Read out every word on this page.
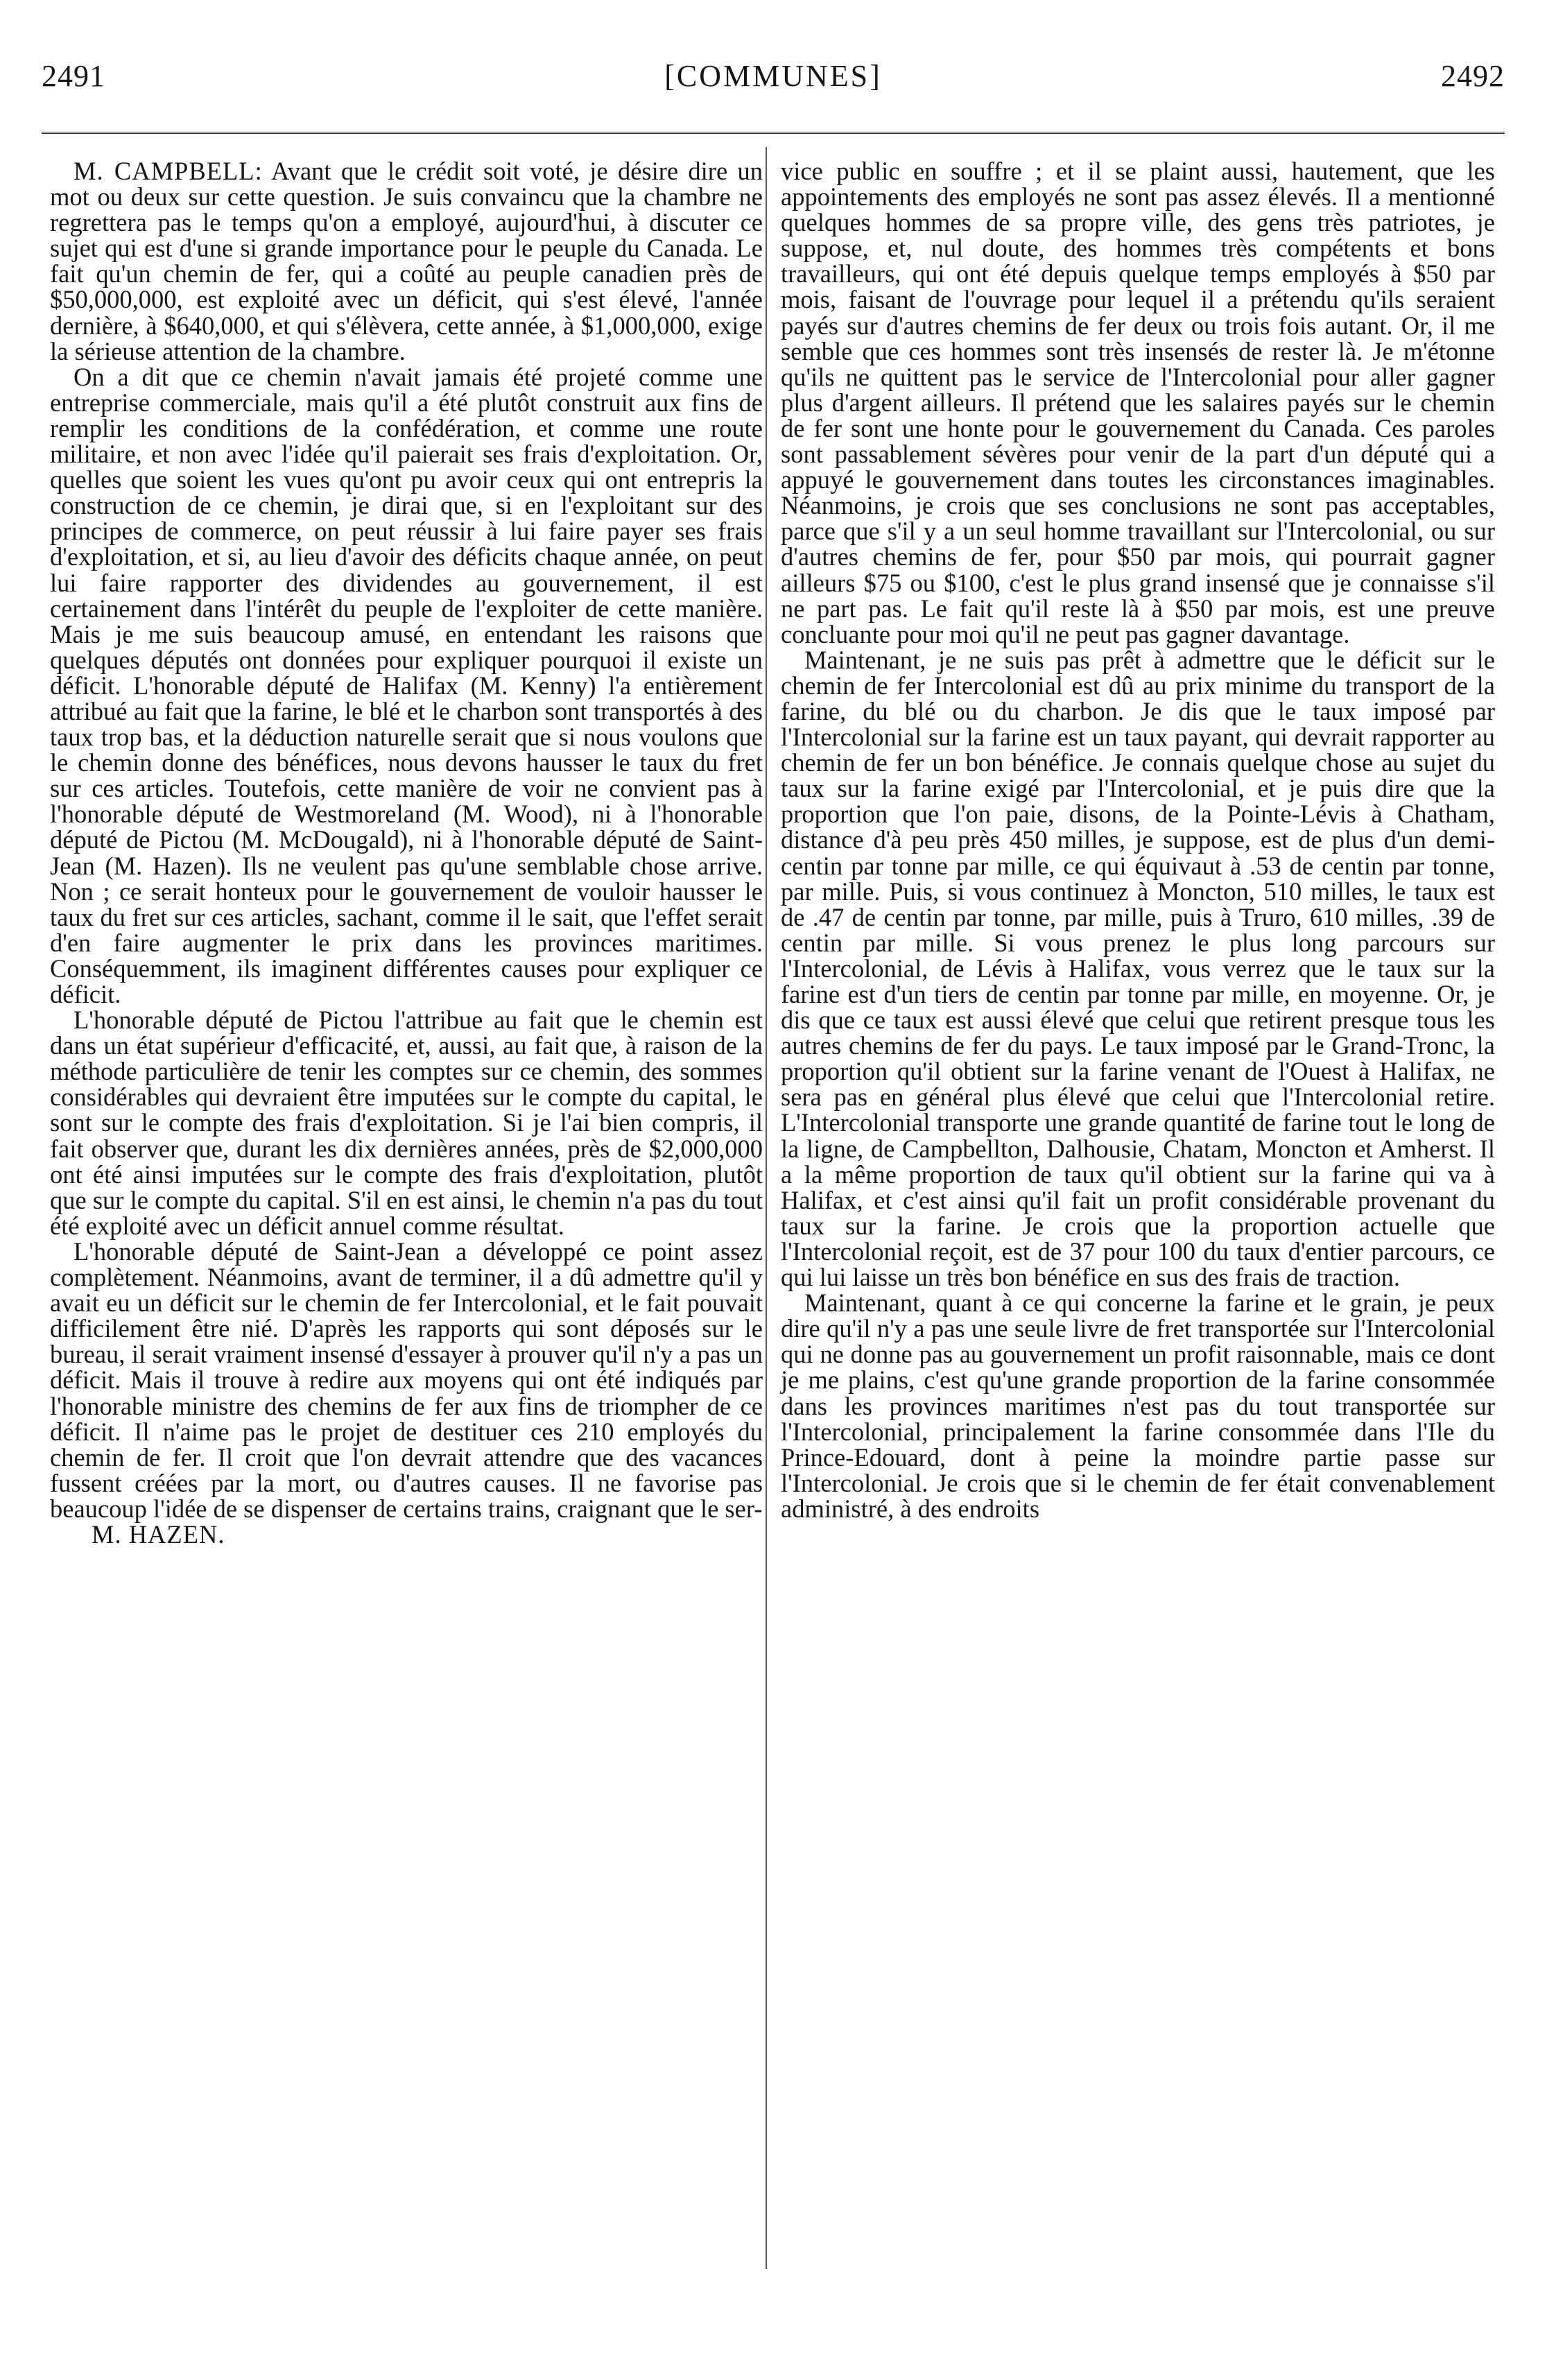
2491	[COMMUNES]	2492

M. CAMPBELL: Avant que le crédit soit voté, je désire dire un mot ou deux sur cette question. Je suis convaincu que la chambre ne regrettera pas le temps qu'on a employé, aujourd'hui, à discuter ce sujet qui est d'une si grande importance pour le peuple du Canada. Le fait qu'un chemin de fer, qui a coûté au peuple canadien près de $50,000,000, est exploité avec un déficit, qui s'est élevé, l'année dernière, à $640,000, et qui s'élèvera, cette année, à $1,000,000, exige la sérieuse attention de la chambre.

On a dit que ce chemin n'avait jamais été projeté comme une entreprise commerciale, mais qu'il a été plutôt construit aux fins de remplir les conditions de la confédération, et comme une route militaire, et non avec l'idée qu'il paierait ses frais d'exploitation. Or, quelles que soient les vues qu'ont pu avoir ceux qui ont entrepris la construction de ce chemin, je dirai que, si en l'exploitant sur des principes de commerce, on peut réussir à lui faire payer ses frais d'exploitation, et si, au lieu d'avoir des déficits chaque année, on peut lui faire rapporter des dividendes au gouvernement, il est certainement dans l'intérêt du peuple de l'exploiter de cette manière. Mais je me suis beaucoup amusé, en entendant les raisons que quelques députés ont données pour expliquer pourquoi il existe un déficit. L'honorable député de Halifax (M. Kenny) l'a entièrement attribué au fait que la farine, le blé et le charbon sont transportés à des taux trop bas, et la déduction naturelle serait que si nous voulons que le chemin donne des bénéfices, nous devons hausser le taux du fret sur ces articles. Toutefois, cette manière de voir ne convient pas à l'honorable député de Westmoreland (M. Wood), ni à l'honorable député de Pictou (M. McDougald), ni à l'honorable député de Saint-Jean (M. Hazen). Ils ne veulent pas qu'une semblable chose arrive. Non ; ce serait honteux pour le gouvernement de vouloir hausser le taux du fret sur ces articles, sachant, comme il le sait, que l'effet serait d'en faire augmenter le prix dans les provinces maritimes. Conséquemment, ils imaginent différentes causes pour expliquer ce déficit.

L'honorable député de Pictou l'attribue au fait que le chemin est dans un état supérieur d'efficacité, et, aussi, au fait que, à raison de la méthode particulière de tenir les comptes sur ce chemin, des sommes considérables qui devraient être imputées sur le compte du capital, le sont sur le compte des frais d'exploitation. Si je l'ai bien compris, il fait observer que, durant les dix dernières années, près de $2,000,000 ont été ainsi imputées sur le compte des frais d'exploitation, plutôt que sur le compte du capital. S'il en est ainsi, le chemin n'a pas du tout été exploité avec un déficit annuel comme résultat.

L'honorable député de Saint-Jean a développé ce point assez complètement. Néanmoins, avant de terminer, il a dû admettre qu'il y avait eu un déficit sur le chemin de fer Intercolonial, et le fait pouvait difficilement être nié. D'après les rapports qui sont déposés sur le bureau, il serait vraiment insensé d'essayer à prouver qu'il n'y a pas un déficit. Mais il trouve à redire aux moyens qui ont été indiqués par l'honorable ministre des chemins de fer aux fins de triompher de ce déficit. Il n'aime pas le projet de destituer ces 210 employés du chemin de fer. Il croit que l'on devrait attendre que des vacances fussent créées par la mort, ou d'autres causes. Il ne favorise pas beaucoup l'idée de se dispenser de certains trains, craignant que le ser-

M. HAZEN.

vice public en souffre ; et il se plaint aussi, hautement, que les appointements des employés ne sont pas assez élevés. Il a mentionné quelques hommes de sa propre ville, des gens très patriotes, je suppose, et, nul doute, des hommes très compétents et bons travailleurs, qui ont été depuis quelque temps employés à $50 par mois, faisant de l'ouvrage pour lequel il a prétendu qu'ils seraient payés sur d'autres chemins de fer deux ou trois fois autant. Or, il me semble que ces hommes sont très insensés de rester là. Je m'étonne qu'ils ne quittent pas le service de l'Intercolonial pour aller gagner plus d'argent ailleurs. Il prétend que les salaires payés sur le chemin de fer sont une honte pour le gouvernement du Canada. Ces paroles sont passablement sévères pour venir de la part d'un député qui a appuyé le gouvernement dans toutes les circonstances imaginables. Néanmoins, je crois que ses conclusions ne sont pas acceptables, parce que s'il y a un seul homme travaillant sur l'Intercolonial, ou sur d'autres chemins de fer, pour $50 par mois, qui pourrait gagner ailleurs $75 ou $100, c'est le plus grand insensé que je connaisse s'il ne part pas. Le fait qu'il reste là à $50 par mois, est une preuve concluante pour moi qu'il ne peut pas gagner davantage.

Maintenant, je ne suis pas prêt à admettre que le déficit sur le chemin de fer Intercolonial est dû au prix minime du transport de la farine, du blé ou du charbon. Je dis que le taux imposé par l'Intercolonial sur la farine est un taux payant, qui devrait rapporter au chemin de fer un bon bénéfice. Je connais quelque chose au sujet du taux sur la farine exigé par l'Intercolonial, et je puis dire que la proportion que l'on paie, disons, de la Pointe-Lévis à Chatham, distance d'à peu près 450 milles, je suppose, est de plus d'un demi-centin par tonne par mille, ce qui équivaut à .53 de centin par tonne, par mille. Puis, si vous continuez à Moncton, 510 milles, le taux est de .47 de centin par tonne, par mille, puis à Truro, 610 milles, .39 de centin par mille. Si vous prenez le plus long parcours sur l'Intercolonial, de Lévis à Halifax, vous verrez que le taux sur la farine est d'un tiers de centin par tonne par mille, en moyenne. Or, je dis que ce taux est aussi élevé que celui que retirent presque tous les autres chemins de fer du pays. Le taux imposé par le Grand-Tronc, la proportion qu'il obtient sur la farine venant de l'Ouest à Halifax, ne sera pas en général plus élevé que celui que l'Intercolonial retire. L'Intercolonial transporte une grande quantité de farine tout le long de la ligne, de Campbellton, Dalhousie, Chatam, Moncton et Amherst. Il a la même proportion de taux qu'il obtient sur la farine qui va à Halifax, et c'est ainsi qu'il fait un profit considérable provenant du taux sur la farine. Je crois que la proportion actuelle que l'Intercolonial reçoit, est de 37 pour 100 du taux d'entier parcours, ce qui lui laisse un très bon bénéfice en sus des frais de traction.

Maintenant, quant à ce qui concerne la farine et le grain, je peux dire qu'il n'y a pas une seule livre de fret transportée sur l'Intercolonial qui ne donne pas au gouvernement un profit raisonnable, mais ce dont je me plains, c'est qu'une grande proportion de la farine consommée dans les provinces maritimes n'est pas du tout transportée sur l'Intercolonial, principalement la farine consommée dans l'Ile du Prince-Edouard, dont à peine la moindre partie passe sur l'Intercolonial. Je crois que si le chemin de fer était convenablement administré, à des endroits
